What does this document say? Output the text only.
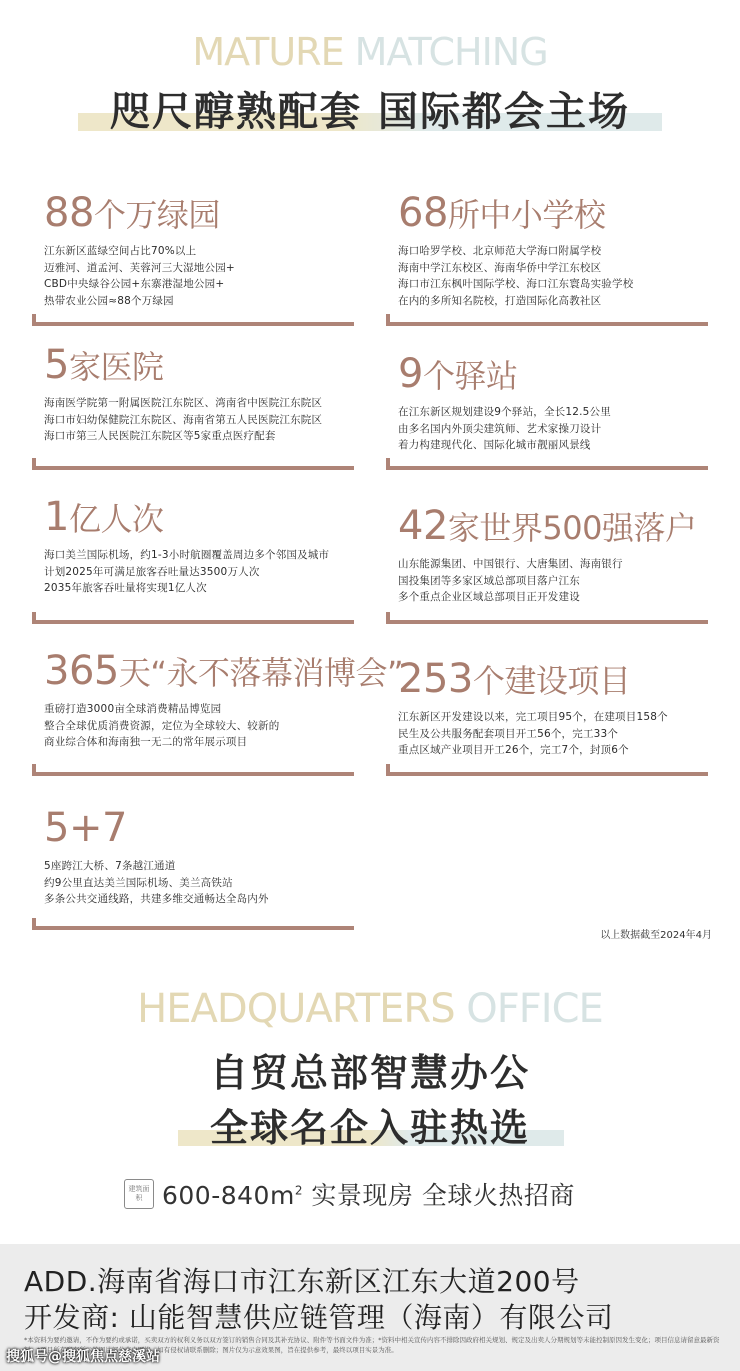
MATURE MATCHING
咫尺醇熟配套 国际都会主场
88个万绿园
江东新区蓝绿空间占比70%以上
迈雅河、道孟河、芙蓉河三大湿地公园+
CBD中央绿谷公园+东寨港湿地公园+
热带农业公园≈88个万绿园
5家医院
海南医学院第一附属医院江东院区、湾南省中医院江东院区
海口市妇幼保健院江东院区、海南省第五人民医院江东院区
海口市第三人民医院江东院区等5家重点医疗配套
1亿人次
海口美兰国际机场，约1-3小时航圈覆盖周边多个邻国及城市
计划2025年可满足旅客吞吐量达3500万人次
2035年旅客吞吐量将实现1亿人次
365天“永不落幕消博会”
重磅打造3000亩全球消费精品博览园
整合全球优质消费资源，定位为全球较大、较新的
商业综合体和海南独一无二的常年展示项目
5+7
5座跨江大桥、7条越江通道
约9公里直达美兰国际机场、美兰高铁站
多条公共交通线路，共建多维交通畅达全岛内外
68所中小学校
海口哈罗学校、北京师范大学海口附属学校
海南中学江东校区、海南华侨中学江东校区
海口市江东枫叶国际学校、海口江东寰岛实验学校
在内的多所知名院校，打造国际化高教社区
9个驿站
在江东新区规划建设9个驿站，全长12.5公里
由多名国内外顶尖建筑师、艺术家操刀设计
着力构建现代化、国际化城市靓丽风景线
42家世界500强落户
山东能源集团、中国银行、大唐集团、海南银行
国投集团等多家区域总部项目落户江东
多个重点企业区域总部项目正开发建设
253个建设项目
江东新区开发建设以来，完工项目95个，在建项目158个
民生及公共服务配套项目开工56个，完工33个
重点区域产业项目开工26个，完工7个，封顶6个
以上数据截至2024年4月
HEADQUARTERS OFFICE
自贸总部智慧办公
全球名企入驻热选
建筑面积 $600-840m^2$ 实景现房 全球火热招商
ADD.海南省海口市江东新区江东大道200号
开发商: 山能智慧供应链管理（海南）有限公司
*本资料为要约邀请，不作为要约或承诺，买卖双方的权利义务以双方签订的销售合同及其补充协议、附件等书面文件为准；*资料中相关宣传内容不排除因政府相关规划、规定及出卖人分期规划等未能控制原因发生变化；项目信息请留意最新资料；*项目所有配套所示的图片部分来自网络，如有侵权请联系删除；图片仅为示意效果图，旨在提供参考，最终以项目实景为准。
搜狐号@搜狐焦点慈溪站
